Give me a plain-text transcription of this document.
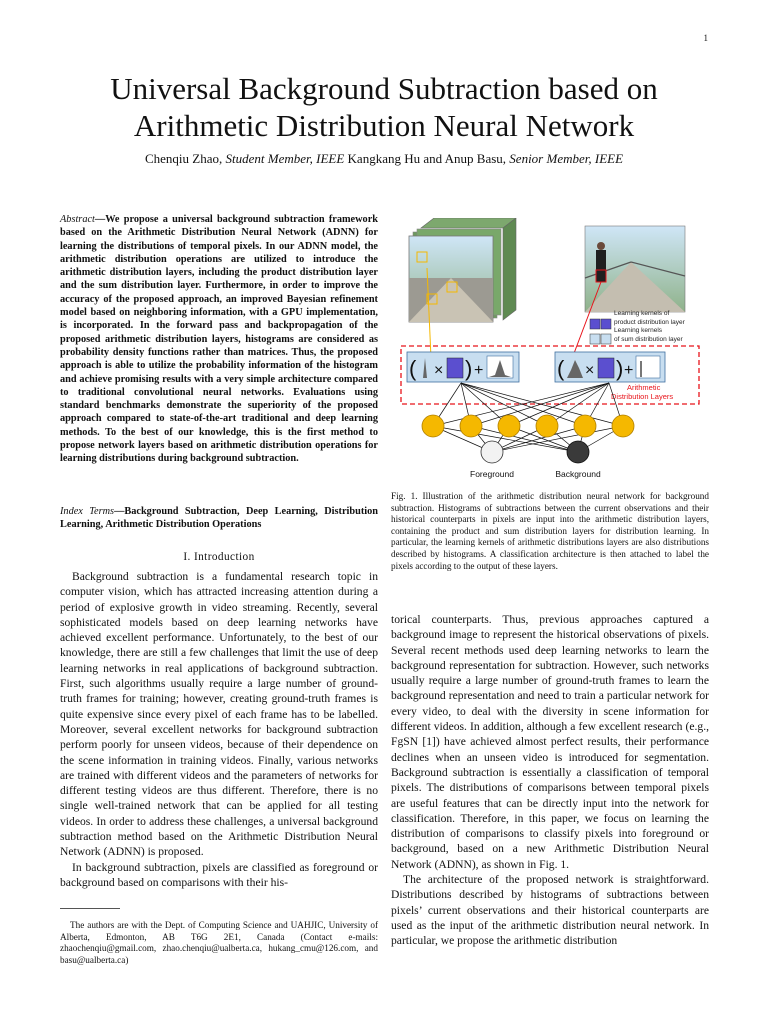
1
Universal Background Subtraction based on
Arithmetic Distribution Neural Network
Chenqiu Zhao, Student Member, IEEE Kangkang Hu and Anup Basu, Senior Member, IEEE
Abstract—We propose a universal background subtraction framework based on the Arithmetic Distribution Neural Network (ADNN) for learning the distributions of temporal pixels. In our ADNN model, the arithmetic distribution operations are utilized to introduce the arithmetic distribution layers, including the product distribution layer and the sum distribution layer. Furthermore, in order to improve the accuracy of the proposed approach, an improved Bayesian refinement model based on neighboring information, with a GPU implementation, is incorporated. In the forward pass and backpropagation of the proposed arithmetic distribution layers, histograms are considered as probability density functions rather than matrices. Thus, the proposed approach is able to utilize the probability information of the histogram and achieve promising results with a very simple architecture compared to traditional convolutional neural networks. Evaluations using standard benchmarks demonstrate the superiority of the proposed approach compared to state-of-the-art traditional and deep learning methods. To the best of our knowledge, this is the first method to propose network layers based on arithmetic distribution operations for learning distributions during background subtraction.
Index Terms—Background Subtraction, Deep Learning, Distribution Learning, Arithmetic Distribution Operations
I. Introduction

Background subtraction is a fundamental research topic in computer vision, which has attracted increasing attention during a period of explosive growth in video streaming. Recently, several sophisticated models based on deep learning networks have achieved excellent performance. Unfortunately, to the best of our knowledge, there are still a few challenges that limit the use of deep learning networks in real applications of background subtraction. First, such algorithms usually require a large number of ground-truth frames for training; however, creating ground-truth frames is quite expensive since every pixel of each frame has to be labelled. Moreover, several excellent networks for background subtraction perform poorly for unseen videos, because of their dependence on the scene information in training videos. Finally, various networks are trained with different videos and the parameters of networks for different testing videos are thus different. Therefore, there is no single well-trained network that can be applied for all testing videos. In order to address these challenges, a universal background subtraction method based on the Arithmetic Distribution Neural Network (ADNN) is proposed.

In background subtraction, pixels are classified as foreground or background based on comparisons with their his-

The authors are with the Dept. of Computing Science and UAHJIC, University of Alberta, Edmonton, AB T6G 2E1, Canada (Contact e-mails: zhaochenqiu@gmail.com, zhao.chenqiu@ualberta.ca, hukang_cmu@126.com, and basu@ualberta.ca)
Learning kernels of
product distribution layer
Learning kernels
of sum distribution layer
( × ) +	( × ) +
Arithmetic
Distribution Layers
Foreground	Background
Fig. 1. Illustration of the arithmetic distribution neural network for background subtraction. Histograms of subtractions between the current observations and their historical counterparts in pixels are input into the arithmetic distribution layers, containing the product and sum distribution layers for distribution learning. In particular, the learning kernels of arithmetic distributions layers are also distributions described by histograms. A classification architecture is then attached to label the pixels according to the output of these layers.

torical counterparts. Thus, previous approaches captured a background image to represent the historical observations of pixels. Several recent methods used deep learning networks to learn the background representation for subtraction. However, such networks usually require a large number of ground-truth frames to learn the background representation and need to train a particular network for every video, to deal with the diversity in scene information for different videos. In addition, although a few excellent research (e.g., FgSN [1]) have achieved almost perfect results, their performance declines when an unseen video is introduced for segmentation. Background subtraction is essentially a classification of temporal pixels. The distributions of comparisons between temporal pixels are useful features that can be directly input into the network for classification. Therefore, in this paper, we focus on learning the distribution of comparisons to classify pixels into foreground or background, based on a new Arithmetic Distribution Neural Network (ADNN), as shown in Fig. 1.

The architecture of the proposed network is straightforward. Distributions described by histograms of subtractions between pixels’ current observations and their historical counterparts are used as the input of the arithmetic distribution neural network. In particular, we propose the arithmetic distribution
